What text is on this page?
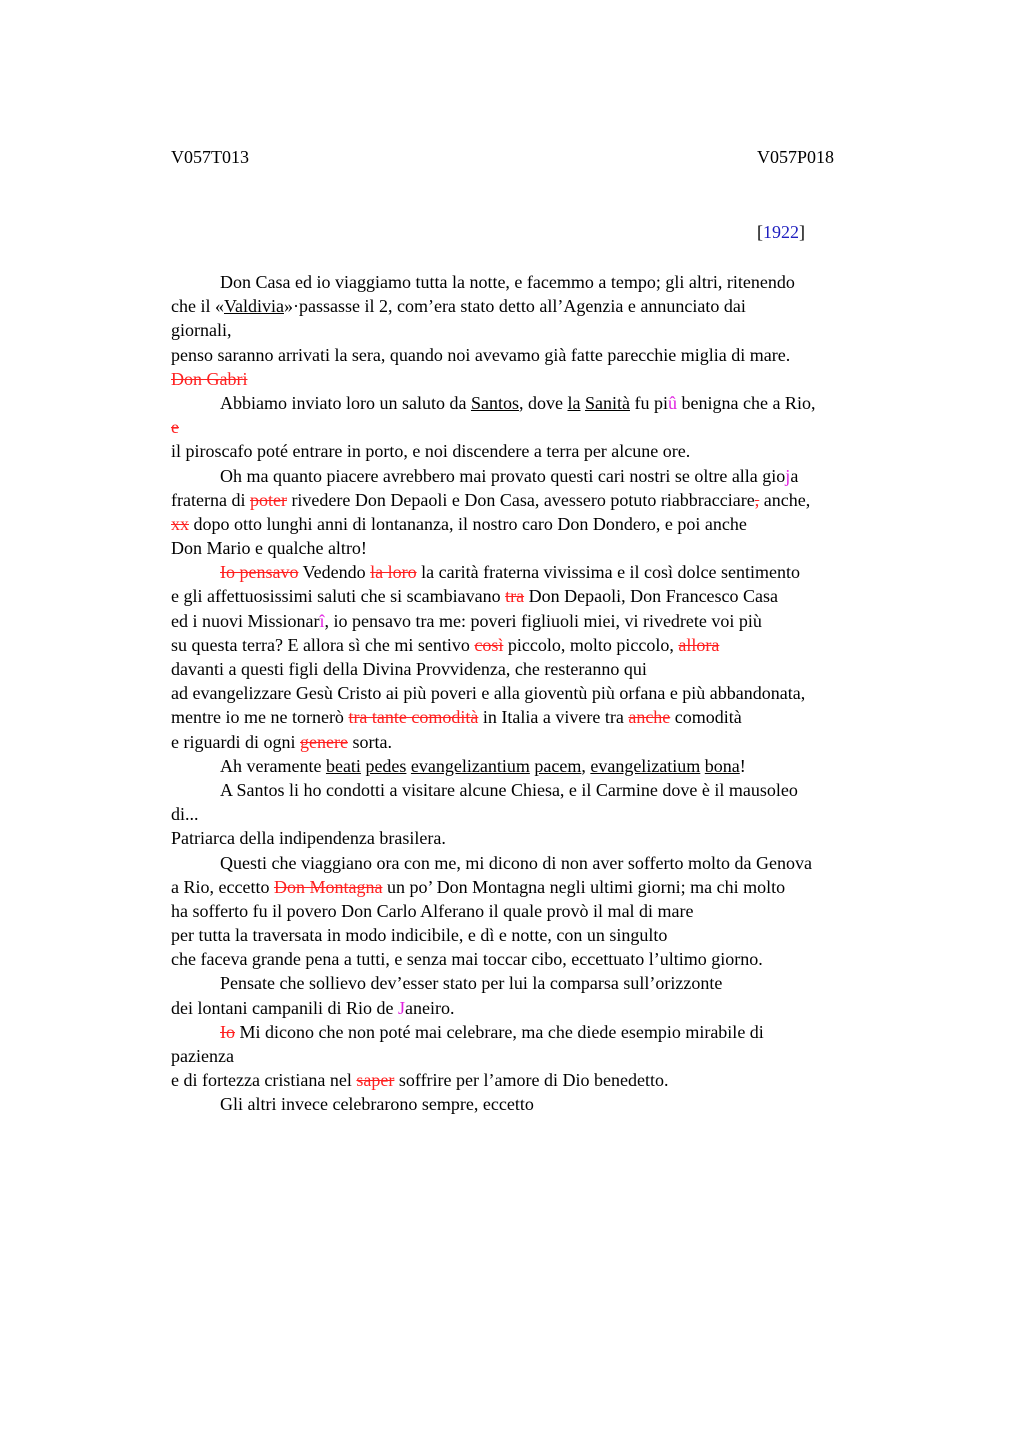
V057T013	V057P018
[1922]
Don Casa ed io viaggiamo tutta la notte, e facemmo a tempo; gli altri, ritenendo
che il «Valdivia»·passasse il 2, com’era stato detto all’Agenzia e annunciato dai
giornali,
penso saranno arrivati la sera, quando noi avevamo già fatte parecchie miglia di mare.
Don Gabri
Abbiamo inviato loro un saluto da Santos, dove la Sanità fu piû benigna che a Rio,
e
il piroscafo poté entrare in porto, e noi discendere a terra per alcune ore.
Oh ma quanto piacere avrebbero mai provato questi cari nostri se oltre alla gioja
fraterna di poter rivedere Don Depaoli e Don Casa, avessero potuto riabbracciare, anche,
xx dopo otto lunghi anni di lontananza, il nostro caro Don Dondero, e poi anche
Don Mario e qualche altro!
Io pensavo Vedendo la loro la carità fraterna vivissima e il così dolce sentimento
e gli affettuosissimi saluti che si scambiavano tra Don Depaoli, Don Francesco Casa
ed i nuovi Missionarî, io pensavo tra me: poveri figliuoli miei, vi rivedrete voi più
su questa terra? E allora sì che mi sentivo così piccolo, molto piccolo, allora
davanti a questi figli della Divina Provvidenza, che resteranno qui
ad evangelizzare Gesù Cristo ai più poveri e alla gioventù più orfana e più abbandonata,
mentre io me ne tornerò tra tante comodità in Italia a vivere tra anche comodità
e riguardi di ogni genere sorta.
Ah veramente beati pedes evangelizantium pacem, evangelizatium bona!
A Santos li ho condotti a visitare alcune Chiesa, e il Carmine dove è il mausoleo
di...
Patriarca della indipendenza brasilera.
Questi che viaggiano ora con me, mi dicono di non aver sofferto molto da Genova
a Rio, eccetto Don Montagna un po’ Don Montagna negli ultimi giorni; ma chi molto
ha sofferto fu il povero Don Carlo Alferano il quale provò il mal di mare
per tutta la traversata in modo indicibile, e dì e notte, con un singulto
che faceva grande pena a tutti, e senza mai toccar cibo, eccettuato l’ultimo giorno.
Pensate che sollievo dev’esser stato per lui la comparsa sull’orizzonte
dei lontani campanili di Rio de Janeiro.
Io Mi dicono che non poté mai celebrare, ma che diede esempio mirabile di
pazienza
e di fortezza cristiana nel saper soffrire per l’amore di Dio benedetto.
Gli altri invece celebrarono sempre, eccetto
